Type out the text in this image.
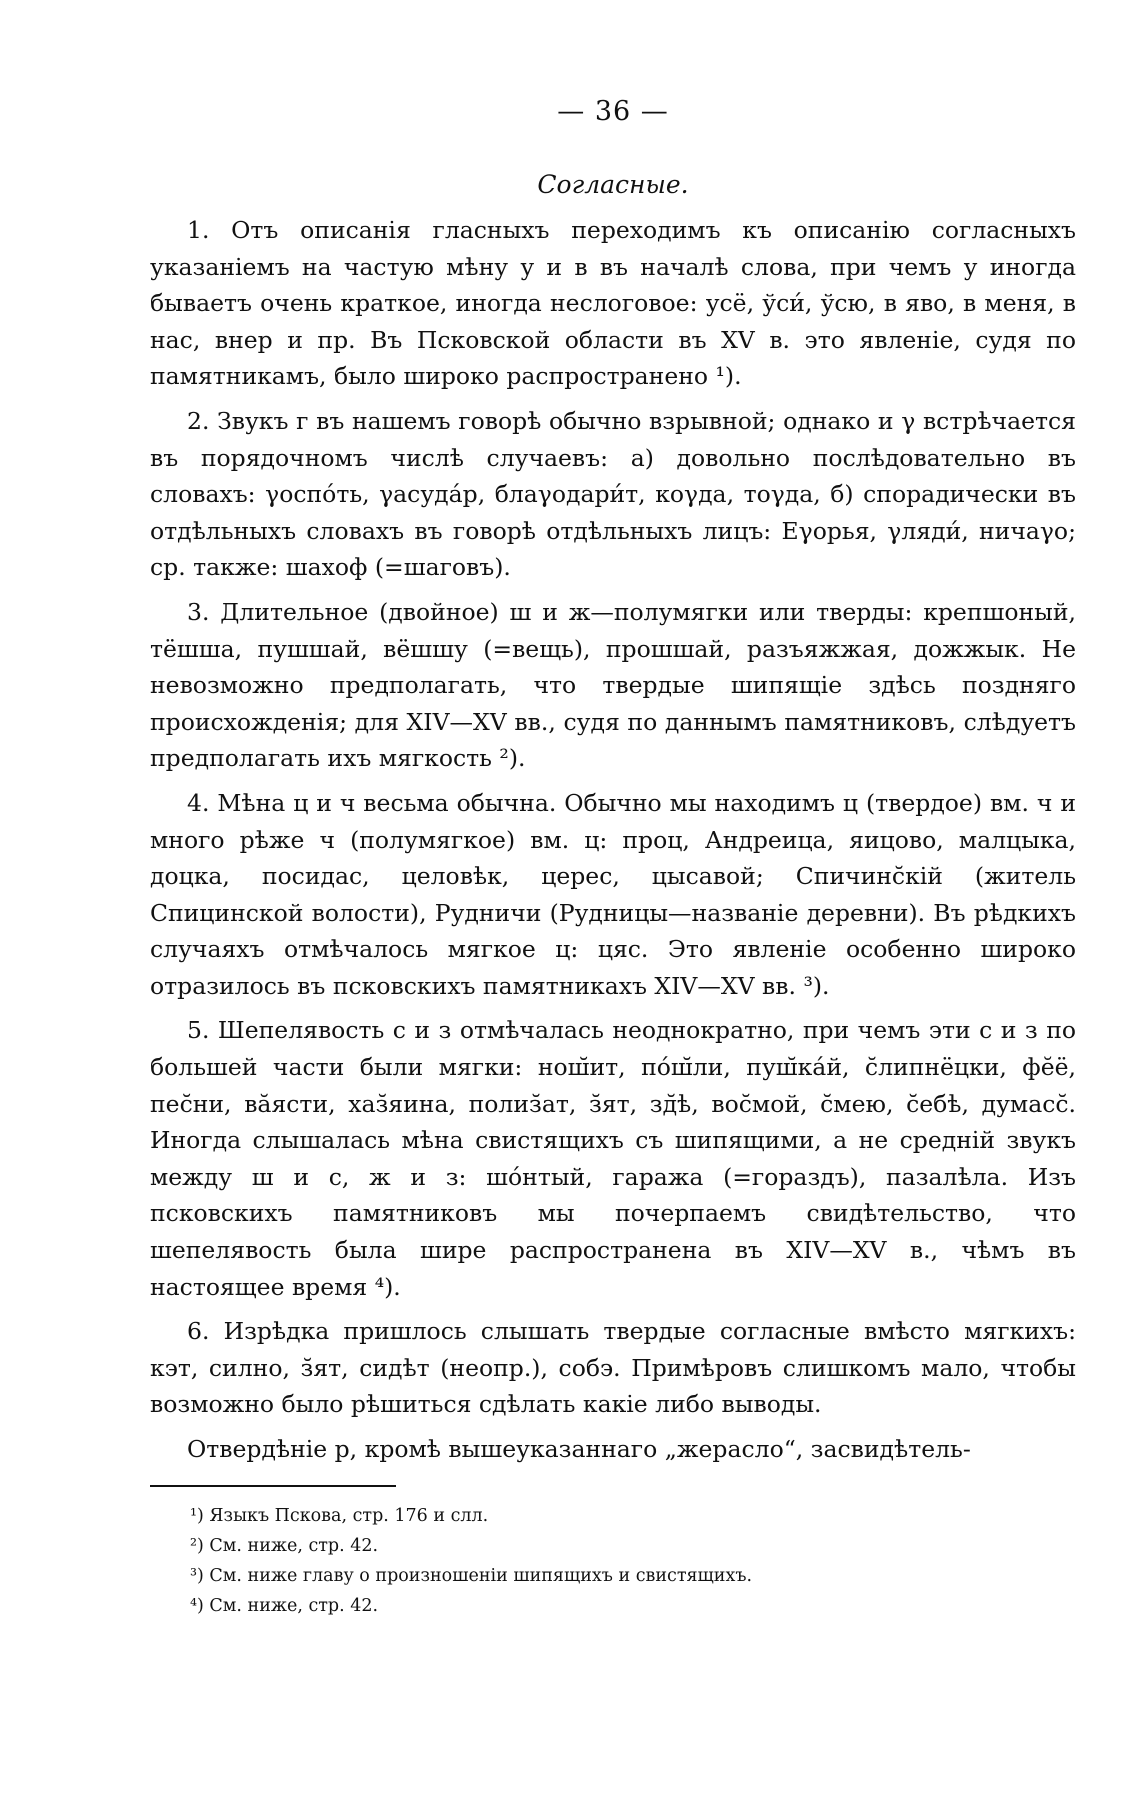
— 36 —
Согласные.

1. Отъ описанія гласныхъ переходимъ къ описанію согласныхъ указаніемъ на частую мѣну у и в въ началѣ слова, при чемъ у иногда бываетъ очень краткое, иногда неслоговое: усё, ўси́, ўсю, в яво, в меня, в нас, внер и пр. Въ Псковской области въ XV в. это явленіе, судя по памятникамъ, было широко распространено ¹).

2. Звукъ г въ нашемъ говорѣ обычно взрывной; однако и γ встрѣчается въ порядочномъ числѣ случаевъ: а) довольно послѣдовательно въ словахъ: γоспо́ть, γасуда́р, блаγодари́т, коγда, тоγда, б) спорадически въ отдѣльныхъ словахъ въ говорѣ отдѣльныхъ лицъ: Еγорья, γляди́, ничаγо; ср. также: шахоф (=шаговъ).

3. Длительное (двойное) ш и ж—полумягки или тверды: крепшоный, тёшша, пушшай, вёшшу (=вещь), прошшай, разъяжжая, дожжык. Не невозможно предполагать, что твердые шипящіе здѣсь поздняго происхожденія; для XIV—XV вв., судя по даннымъ памятниковъ, слѣдуетъ предполагать ихъ мягкость ²).

4. Мѣна ц и ч весьма обычна. Обычно мы находимъ ц (твердое) вм. ч и много рѣже ч (полумягкое) вм. ц: проц, Андреица, яицово, малцыка, доцка, посидас, целовѣк, церес, цысавой; Спичинс̆кій (житель Спицинской волости), Рудничи (Рудницы—названіе деревни). Въ рѣдкихъ случаяхъ отмѣчалось мягкое ц: цяс. Это явленіе особенно широко отразилось въ псковскихъ памятникахъ XIV—XV вв. ³).

5. Шепелявость с и з отмѣчалась неоднократно, при чемъ эти с и з по большей части были мягки: нош̆ит, по́ш̆ли, пуш̆ка́й, с̆липнёцки, фӗё, пес̆ни, вӑясти, хаз̆яина, полиз̆ат, з̆ят, зд̆ѣ, вос̆мой, с̆мею, с̆ебѣ, думасс̆. Иногда слышалась мѣна свистящихъ съ шипящими, а не средній звукъ между ш и с, ж и з: шо́нтый, гаража (=гораздъ), пазалѣла. Изъ псковскихъ памятниковъ мы почерпаемъ свидѣтельство, что шепелявость была шире распространена въ XIV—XV в., чѣмъ въ настоящее время ⁴).

6. Изрѣдка пришлось слышать твердые согласные вмѣсто мягкихъ: кэт, силно, з̆ят, сидѣт (неопр.), собэ. Примѣровъ слишкомъ мало, чтобы возможно было рѣшиться сдѣлать какіе либо выводы.

Отвердѣніе р, кромѣ вышеуказаннаго „жерасло“, засвидѣтель-

¹) Языкъ Пскова, стр. 176 и слл.

²) См. ниже, стр. 42.

³) См. ниже главу о произношеніи шипящихъ и свистящихъ.

⁴) См. ниже, стр. 42.
